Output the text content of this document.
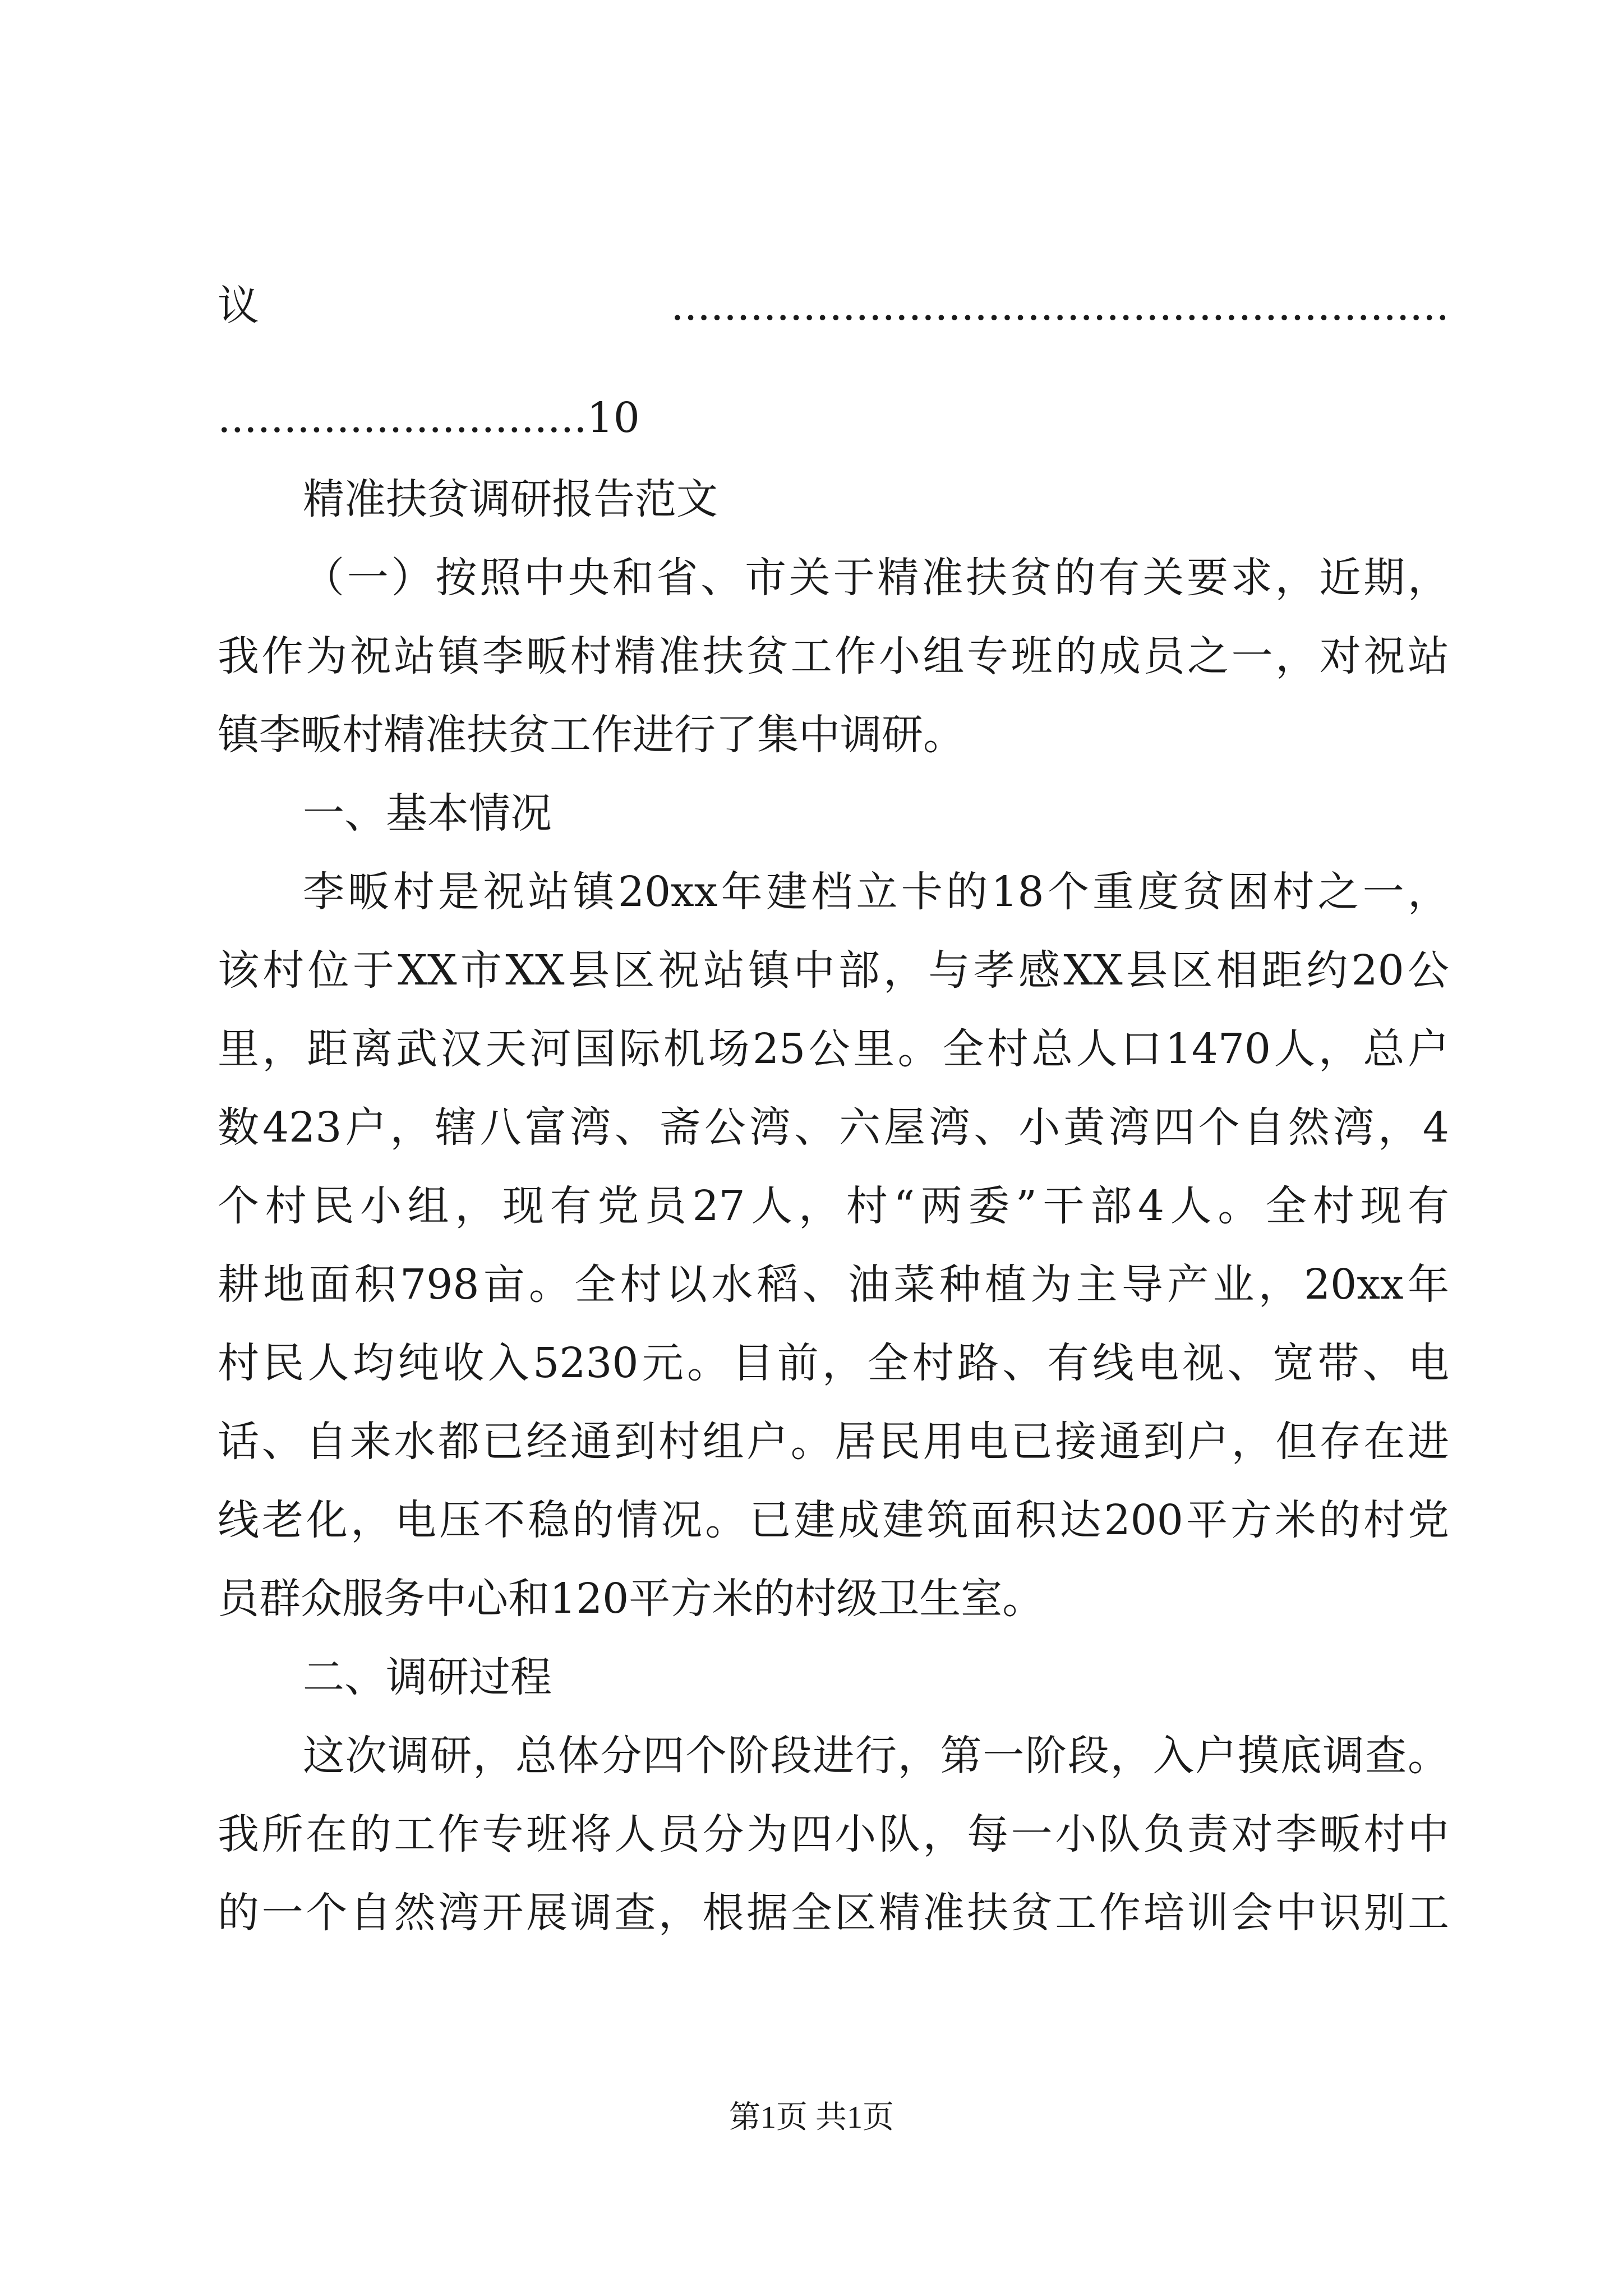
议...........................................................
............................10
精准扶贫调研报告范文
（一）按照中央和省、市关于精准扶贫的有关要求，近期，
我作为祝站镇李畈村精准扶贫工作小组专班的成员之一，对祝站
镇李畈村精准扶贫工作进行了集中调研。
一、基本情况
李畈村是祝站镇20xx年建档立卡的18个重度贫困村之一，
该村位于XX市XX县区祝站镇中部，与孝感XX县区相距约20公
里，距离武汉天河国际机场25公里。全村总人口1470人，总户
数423户，辖八富湾、斋公湾、六屋湾、小黄湾四个自然湾，4
个村民小组，现有党员27人，村“两委”干部4人。全村现有
耕地面积798亩。全村以水稻、油菜种植为主导产业，20xx年
村民人均纯收入5230元。目前，全村路、有线电视、宽带、电
话、自来水都已经通到村组户。居民用电已接通到户，但存在进
线老化，电压不稳的情况。已建成建筑面积达200平方米的村党
员群众服务中心和120平方米的村级卫生室。
二、调研过程
这次调研，总体分四个阶段进行，第一阶段，入户摸底调查。
我所在的工作专班将人员分为四小队，每一小队负责对李畈村中
的一个自然湾开展调查，根据全区精准扶贫工作培训会中识别工
第1页 共1页
